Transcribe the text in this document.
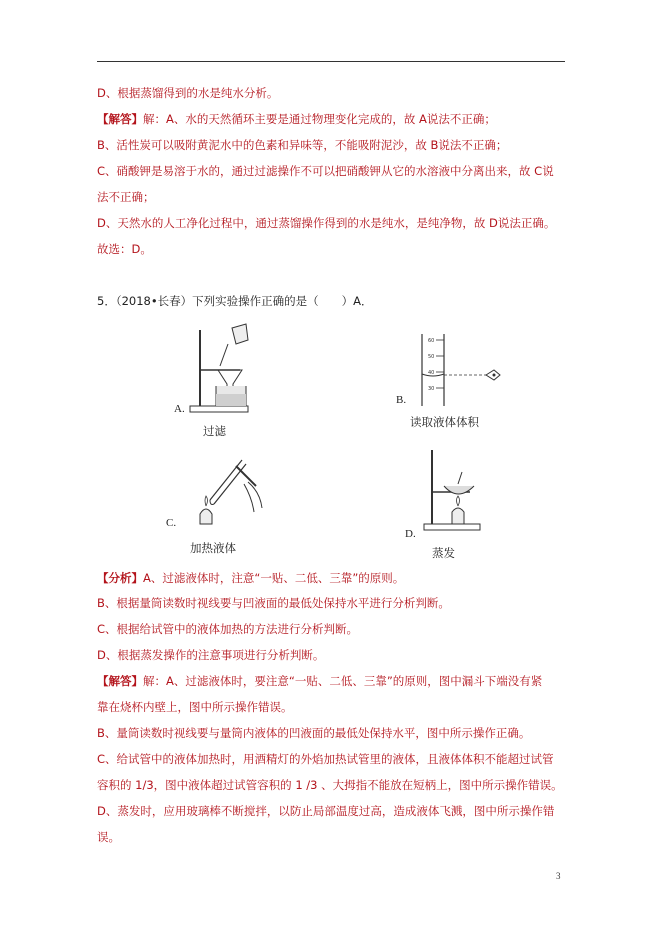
D、根据蒸馏得到的水是纯水分析。
【解答】解：A、水的天然循环主要是通过物理变化完成的，故 A说法不正确；
B、活性炭可以吸附黄泥水中的色素和异味等，不能吸附泥沙，故 B说法不正确；
C、硝酸钾是易溶于水的，通过过滤操作不可以把硝酸钾从它的水溶液中分离出来，故 C说
法不正确；
D、天然水的人工净化过程中，通过蒸馏操作得到的水是纯水，是纯净物，故 D说法正确。
故选：D。
5．（2018•长春）下列实验操作正确的是（　　）A．
A.
过滤
60
50
40
30
B.
读取液体体积
C.
加热液体
D.
蒸发
【分析】A、过滤液体时，注意“一贴、二低、三靠”的原则。
B、根据量筒读数时视线要与凹液面的最低处保持水平进行分析判断。
C、根据给试管中的液体加热的方法进行分析判断。
D、根据蒸发操作的注意事项进行分析判断。
【解答】解：A、过滤液体时，要注意“一贴、二低、三靠”的原则，图中漏斗下端没有紧
靠在烧杯内壁上，图中所示操作错误。
B、量筒读数时视线要与量筒内液体的凹液面的最低处保持水平，图中所示操作正确。
C、给试管中的液体加热时，用酒精灯的外焰加热试管里的液体，且液体体积不能超过试管
容积的 1/3，图中液体超过试管容积的 1 /3 、大拇指不能放在短柄上，图中所示操作错误。
D、蒸发时，应用玻璃棒不断搅拌，以防止局部温度过高，造成液体飞溅，图中所示操作错
误。
3
